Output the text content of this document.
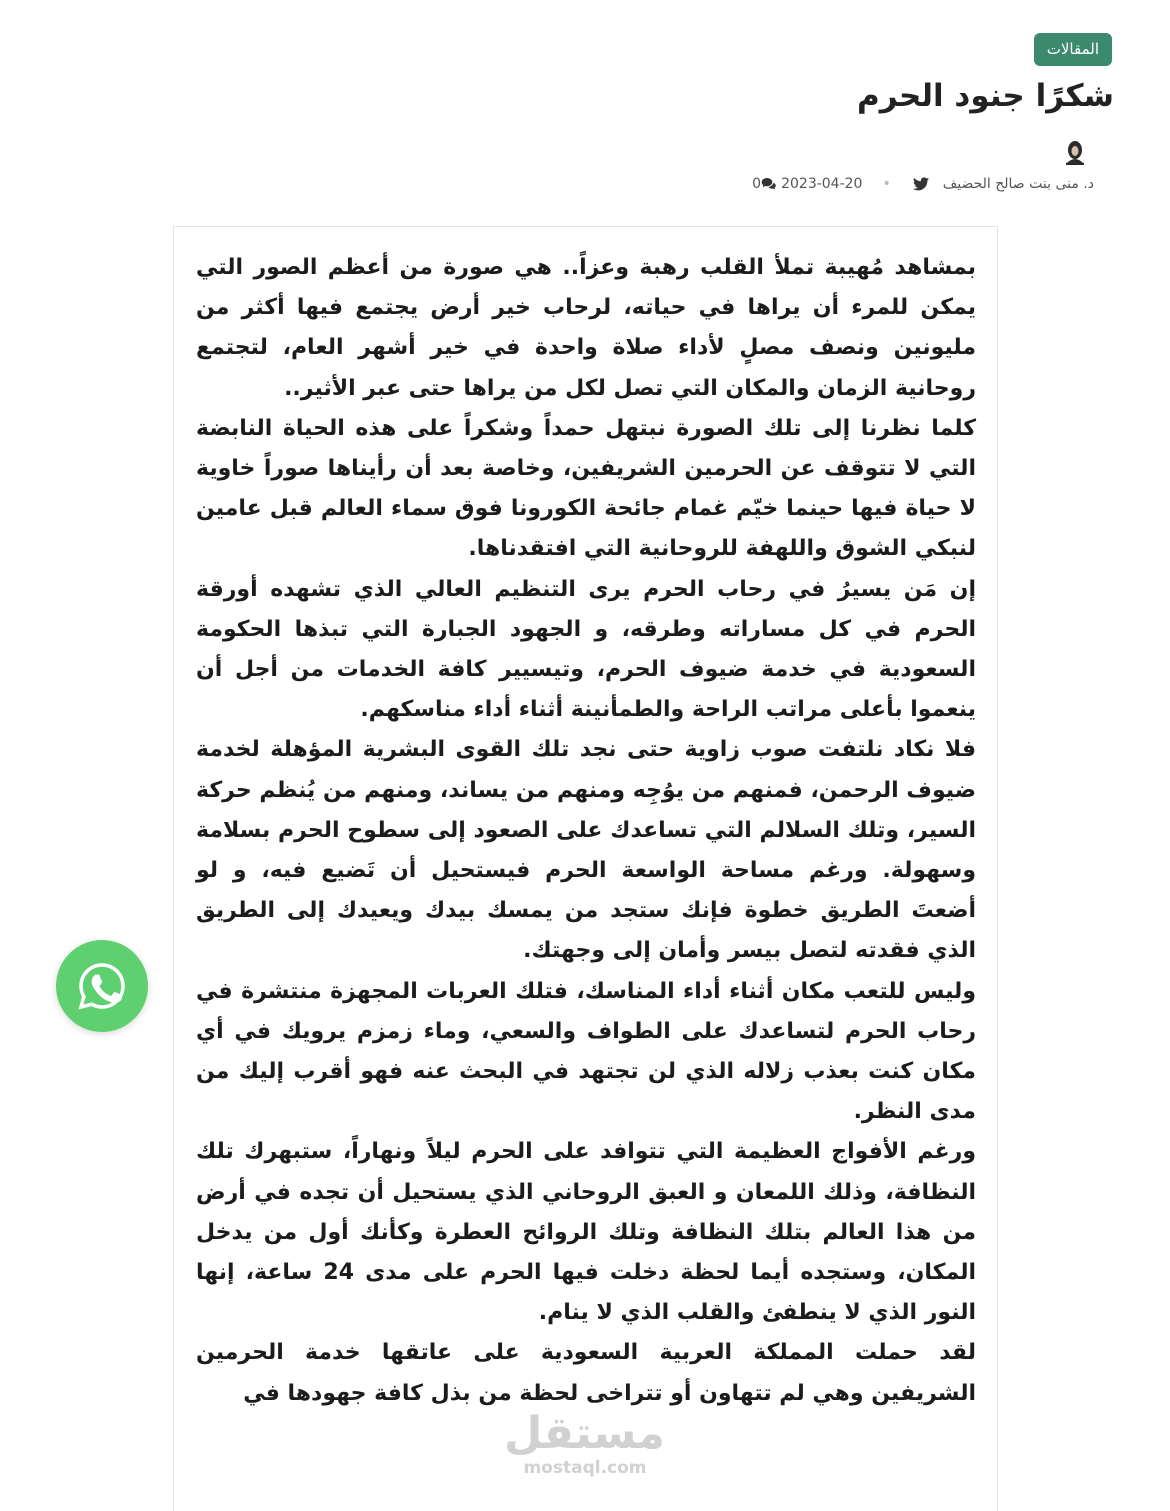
المقالات
شكرًا جنود الحرم
د. منى بنت صالح الحضيف
•
2023-04-20
0

بمشاهد مُهيبة تملأ القلب رهبة وعزاً.. هي صورة من أعظم الصور التي يمكن للمرء أن يراها في حياته، لرحاب خير أرض يجتمع فيها أكثر من مليونين ونصف مصلٍ لأداء صلاة واحدة في خير أشهر العام، لتجتمع روحانية الزمان والمكان التي تصل لكل من يراها حتى عبر الأثير..

كلما نظرنا إلى تلك الصورة نبتهل حمداً وشكراً على هذه الحياة النابضة التي لا تتوقف عن الحرمين الشريفين، وخاصة بعد أن رأيناها صوراً خاوية لا حياة فيها حينما خيّم غمام جائحة الكورونا فوق سماء العالم قبل عامين لنبكي الشوق واللهفة للروحانية التي افتقدناها.

إن مَن يسيرُ في رحاب الحرم يرى التنظيم العالي الذي تشهده أورقة الحرم في كل مساراته وطرقه، و الجهود الجبارة التي تبذها الحكومة السعودية في خدمة ضيوف الحرم، وتيسيير كافة الخدمات من أجل أن ينعموا بأعلى مراتب الراحة والطمأنينة أثناء أداء مناسكهم.

فلا نكاد نلتفت صوب زاوية حتى نجد تلك القوى البشرية المؤهلة لخدمة ضيوف الرحمن، فمنهم من يوُجِه ومنهم من يساند، ومنهم من يُنظم حركة السير، وتلك السلالم التي تساعدك على الصعود إلى سطوح الحرم بسلامة وسهولة. ورغم مساحة الواسعة الحرم فيستحيل أن تَضيع فيه، و لو أضعتَ الطريق خطوة فإنك ستجد من يمسك بيدك ويعيدك إلى الطريق الذي فقدته لتصل بيسر وأمان إلى وجهتك.

وليس للتعب مكان أثناء أداء المناسك، فتلك العربات المجهزة منتشرة في رحاب الحرم لتساعدك على الطواف والسعي، وماء زمزم يرويك في أي مكان كنت بعذب زلاله الذي لن تجتهد في البحث عنه فهو أقرب إليك من مدى النظر.

ورغم الأفواج العظيمة التي تتوافد على الحرم ليلاً ونهاراً، ستبهرك تلك النظافة، وذلك اللمعان و العبق الروحاني الذي يستحيل أن تجده في أرض من هذا العالم بتلك النظافة وتلك الروائح العطرة وكأنك أول من يدخل المكان، وستجده أيما لحظة دخلت فيها الحرم على مدى 24 ساعة، إنها النور الذي لا ينطفئ والقلب الذي لا ينام.

لقد حملت المملكة العربية السعودية على عاتقها خدمة الحرمين الشريفين وهي لم تتهاون أو تتراخى لحظة من بذل كافة جهودها في

مستقل
mostaql.com
